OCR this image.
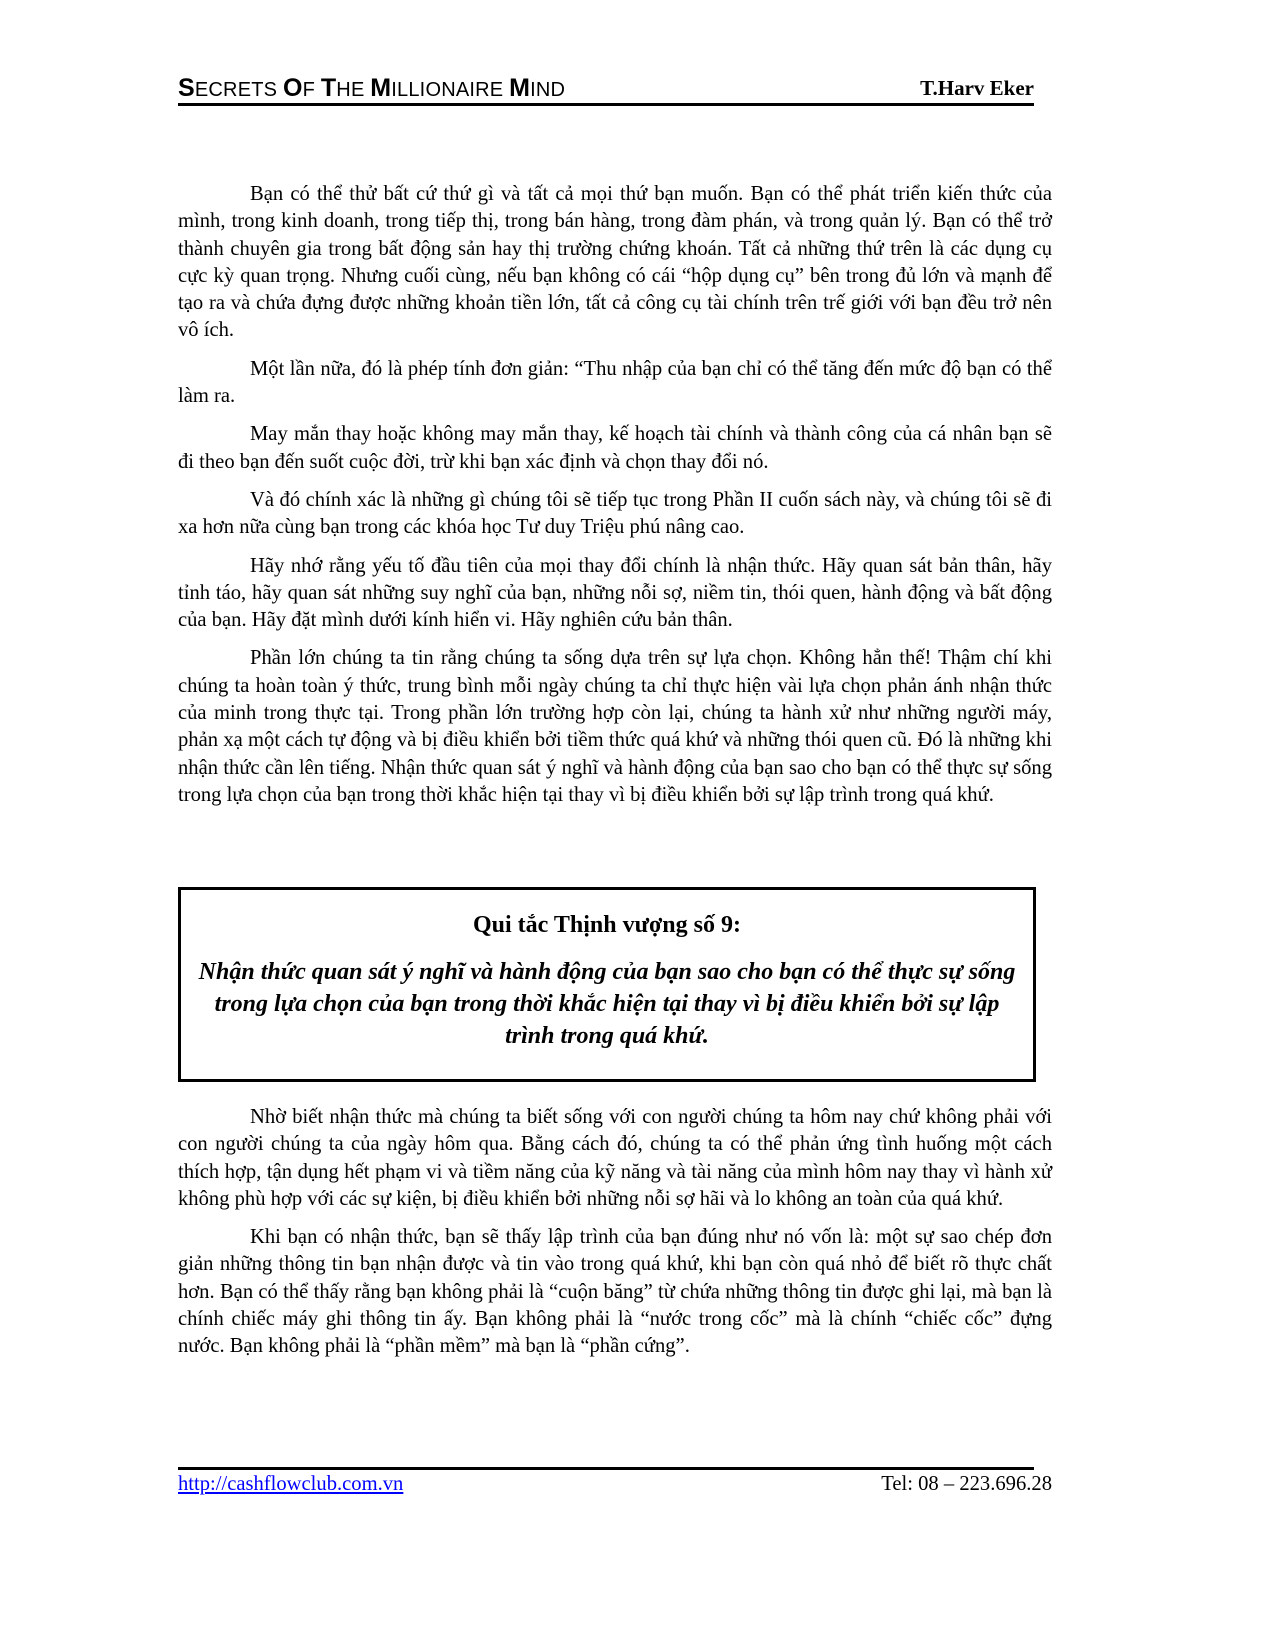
SECRETS OF THE MILLIONAIRE MIND	T.Harv Eker

Bạn có thể thử bất cứ thứ gì và tất cả mọi thứ bạn muốn. Bạn có thể phát triển kiến thức của mình, trong kinh doanh, trong tiếp thị, trong bán hàng, trong đàm phán, và trong quản lý. Bạn có thể trở thành chuyên gia trong bất động sản hay thị trường chứng khoán. Tất cả những thứ trên là các dụng cụ cực kỳ quan trọng. Nhưng cuối cùng, nếu bạn không có cái “hộp dụng cụ” bên trong đủ lớn và mạnh để tạo ra và chứa đựng được những khoản tiền lớn, tất cả công cụ tài chính trên trế giới với bạn đều trở nên vô ích.

Một lần nữa, đó là phép tính đơn giản: “Thu nhập của bạn chỉ có thể tăng đến mức độ bạn có thể làm ra.

May mắn thay hoặc không may mắn thay, kế hoạch tài chính và thành công của cá nhân bạn sẽ đi theo bạn đến suốt cuộc đời, trừ khi bạn xác định và chọn thay đổi nó.

Và đó chính xác là những gì chúng tôi sẽ tiếp tục trong Phần II cuốn sách này, và chúng tôi sẽ đi xa hơn nữa cùng bạn trong các khóa học Tư duy Triệu phú nâng cao.

Hãy nhớ rằng yếu tố đầu tiên của mọi thay đổi chính là nhận thức. Hãy quan sát bản thân, hãy tỉnh táo, hãy quan sát những suy nghĩ của bạn, những nỗi sợ, niềm tin, thói quen, hành động và bất động của bạn. Hãy đặt mình dưới kính hiển vi. Hãy nghiên cứu bản thân.

Phần lớn chúng ta tin rằng chúng ta sống dựa trên sự lựa chọn. Không hẳn thế! Thậm chí khi chúng ta hoàn toàn ý thức, trung bình mỗi ngày chúng ta chỉ thực hiện vài lựa chọn phản ánh nhận thức của minh trong thực tại. Trong phần lớn trường hợp còn lại, chúng ta hành xử như những người máy, phản xạ một cách tự động và bị điều khiển bởi tiềm thức quá khứ và những thói quen cũ. Đó là những khi nhận thức cần lên tiếng. Nhận thức quan sát ý nghĩ và hành động của bạn sao cho bạn có thể thực sự sống trong lựa chọn của bạn trong thời khắc hiện tại thay vì bị điều khiển bởi sự lập trình trong quá khứ.

Qui tắc Thịnh vượng số 9:
Nhận thức quan sát ý nghĩ và hành động của bạn sao cho bạn có thể thực sự sống trong lựa chọn của bạn trong thời khắc hiện tại thay vì bị điều khiển bởi sự lập trình trong quá khứ.

Nhờ biết nhận thức mà chúng ta biết sống với con người chúng ta hôm nay chứ không phải với con người chúng ta của ngày hôm qua. Bằng cách đó, chúng ta có thể phản ứng tình huống một cách thích hợp, tận dụng hết phạm vi và tiềm năng của kỹ năng và tài năng của mình hôm nay thay vì hành xử không phù hợp với các sự kiện, bị điều khiển bởi những nỗi sợ hãi và lo không an toàn của quá khứ.

Khi bạn có nhận thức, bạn sẽ thấy lập trình của bạn đúng như nó vốn là: một sự sao chép đơn giản những thông tin bạn nhận được và tin vào trong quá khứ, khi bạn còn quá nhỏ để biết rõ thực chất hơn. Bạn có thể thấy rằng bạn không phải là “cuộn băng” từ chứa những thông tin được ghi lại, mà bạn là chính chiếc máy ghi thông tin ấy. Bạn không phải là “nước trong cốc” mà là chính “chiếc cốc” đựng nước. Bạn không phải là “phần mềm” mà bạn là “phần cứng”.

http://cashflowclub.com.vn	Tel: 08 – 223.696.28
